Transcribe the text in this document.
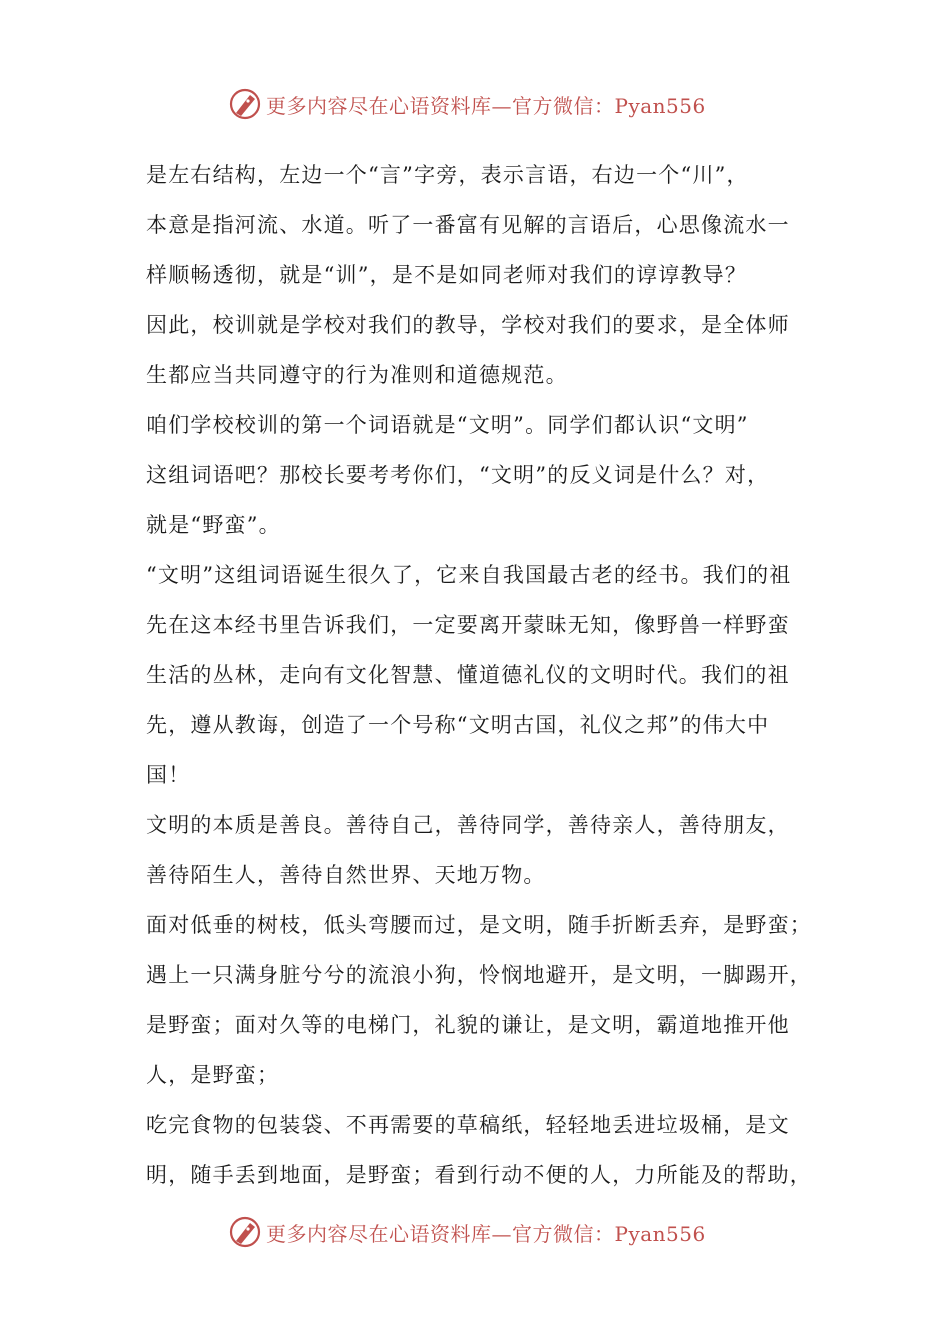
更多内容尽在心语资料库—官方微信：Pyan556
是左右结构，左边一个“言”字旁，表示言语，右边一个“川”，
本意是指河流、水道。听了一番富有见解的言语后，心思像流水一
样顺畅透彻，就是“训”，是不是如同老师对我们的谆谆教导？
因此，校训就是学校对我们的教导，学校对我们的要求，是全体师
生都应当共同遵守的行为准则和道德规范。
咱们学校校训的第一个词语就是“文明”。同学们都认识“文明”
这组词语吧？那校长要考考你们，“文明”的反义词是什么？对，
就是“野蛮”。
“文明”这组词语诞生很久了，它来自我国最古老的经书。我们的祖
先在这本经书里告诉我们，一定要离开蒙昧无知，像野兽一样野蛮
生活的丛林，走向有文化智慧、懂道德礼仪的文明时代。我们的祖
先，遵从教诲，创造了一个号称“文明古国，礼仪之邦”的伟大中
国！
文明的本质是善良。善待自己，善待同学，善待亲人，善待朋友，
善待陌生人，善待自然世界、天地万物。
面对低垂的树枝，低头弯腰而过，是文明，随手折断丢弃，是野蛮；
遇上一只满身脏兮兮的流浪小狗，怜悯地避开，是文明，一脚踢开，
是野蛮；面对久等的电梯门，礼貌的谦让，是文明，霸道地推开他
人，是野蛮；
吃完食物的包装袋、不再需要的草稿纸，轻轻地丢进垃圾桶，是文
明，随手丢到地面，是野蛮；看到行动不便的人，力所能及的帮助，
更多内容尽在心语资料库—官方微信：Pyan556
